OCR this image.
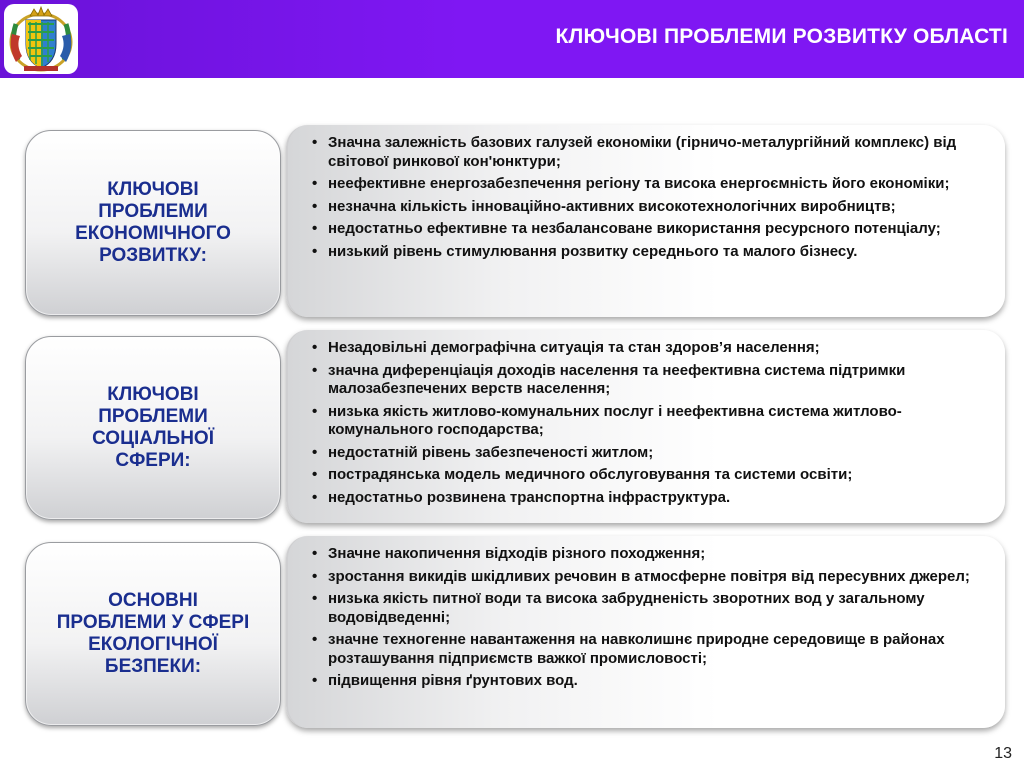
КЛЮЧОВІ ПРОБЛЕМИ РОЗВИТКУ ОБЛАСТІ
КЛЮЧОВІ
ПРОБЛЕМИ
ЕКОНОМІЧНОГО
РОЗВИТКУ:
• Значна залежність базових галузей економіки (гірничо-металургійний комплекс) від світової ринкової кон'юнктури;
• неефективне енергозабезпечення регіону та висока енергоємність його економіки;
• незначна кількість інноваційно-активних високотехнологічних виробництв;
• недостатньо ефективне та незбалансоване використання ресурсного потенціалу;
• низький рівень стимулювання розвитку середнього та малого бізнесу.
КЛЮЧОВІ
ПРОБЛЕМИ
СОЦІАЛЬНОЇ
СФЕРИ:
• Незадовільні демографічна ситуація та стан здоров’я населення;
• значна диференціація доходів населення та неефективна система підтримки малозабезпечених верств населення;
• низька якість житлово-комунальних послуг і неефективна система житлово-комунального господарства;
• недостатній рівень забезпеченості житлом;
• пострадянська модель медичного обслуговування та системи освіти;
• недостатньо розвинена транспортна інфраструктура.
ОСНОВНІ
ПРОБЛЕМИ У СФЕРІ
ЕКОЛОГІЧНОЇ
БЕЗПЕКИ:
• Значне накопичення відходів різного походження;
• зростання викидів шкідливих речовин в атмосферне повітря від пересувних джерел;
• низька якість питної води та висока забрудненість зворотних вод у загальному водовідведенні;
• значне техногенне навантаження на навколишнє природне середовище в районах розташування підприємств важкої промисловості;
• підвищення рівня ґрунтових вод.
13
